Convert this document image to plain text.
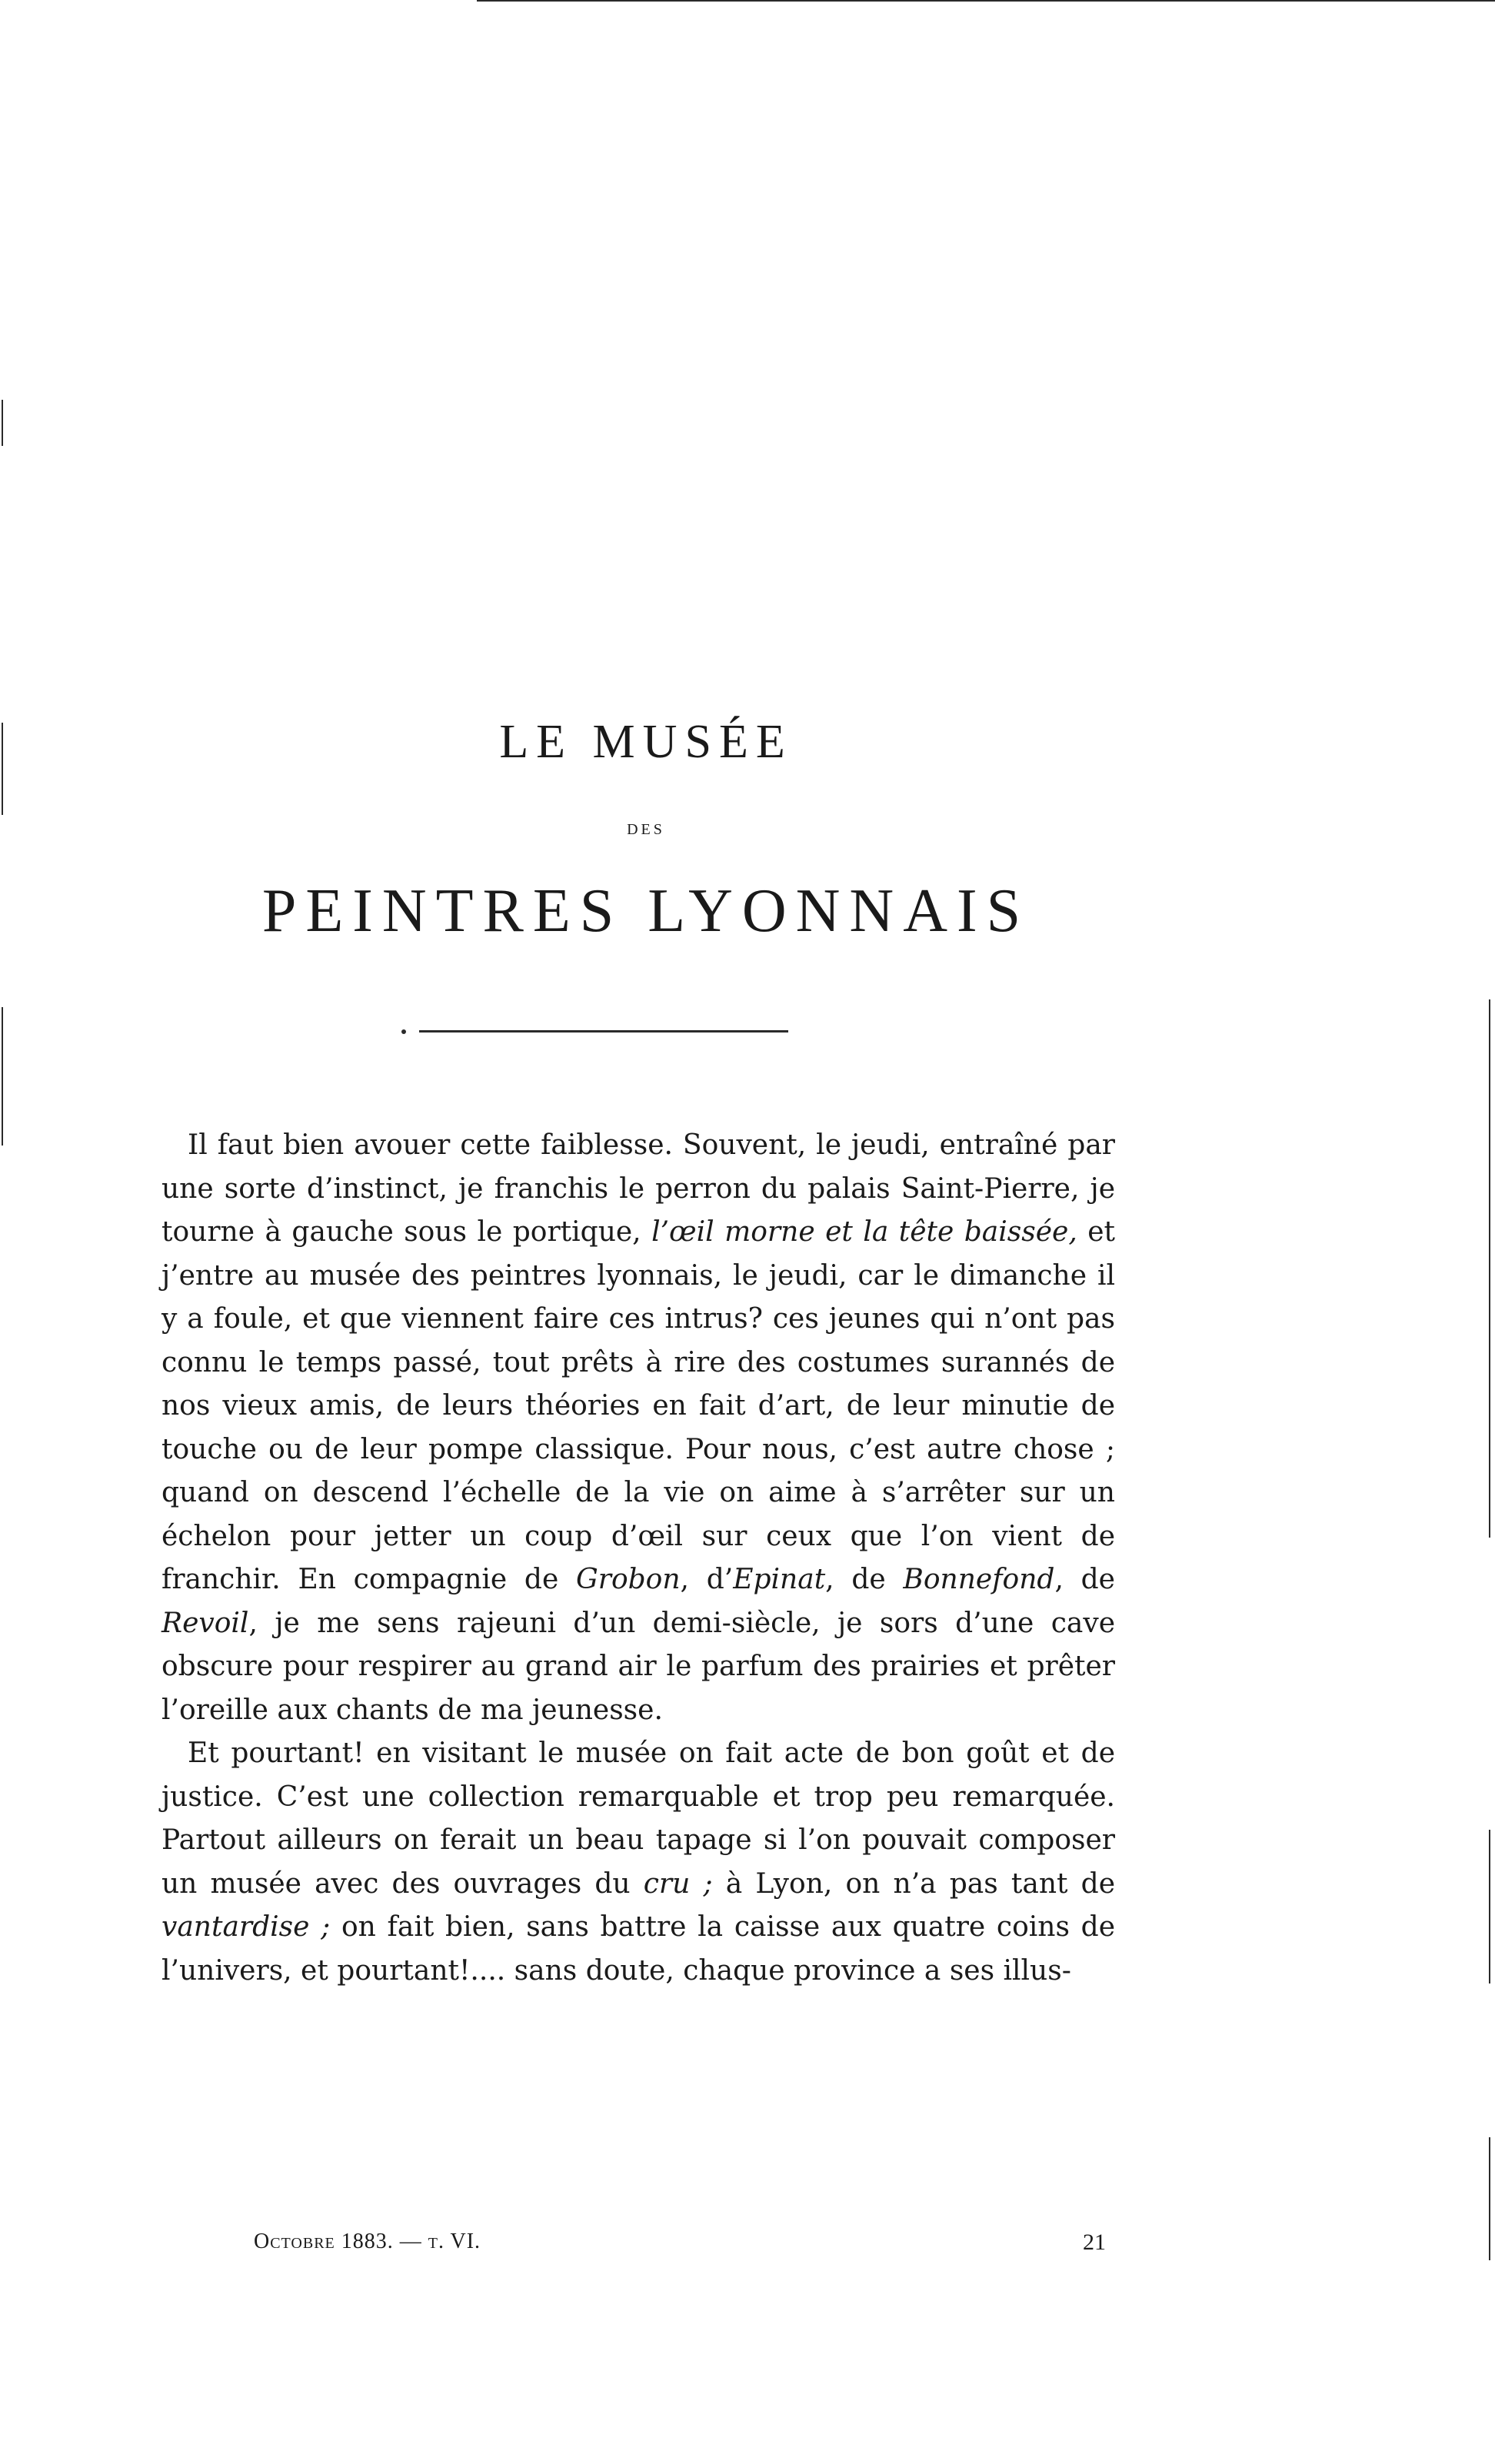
LE MUSÉE
DES
PEINTRES LYONNAIS

Il faut bien avouer cette faiblesse. Souvent, le jeudi, entraîné par une sorte d’instinct, je franchis le perron du palais Saint-Pierre, je tourne à gauche sous le portique, l’œil morne et la tête baissée, et j’entre au musée des peintres lyonnais, le jeudi, car le dimanche il y a foule, et que viennent faire ces intrus? ces jeunes qui n’ont pas connu le temps passé, tout prêts à rire des costumes surannés de nos vieux amis, de leurs théories en fait d’art, de leur minutie de touche ou de leur pompe classique. Pour nous, c’est autre chose ; quand on descend l’échelle de la vie on aime à s’arrêter sur un échelon pour jetter un coup d’œil sur ceux que l’on vient de franchir. En compagnie de Grobon, d’Epinat, de Bonnefond, de Revoil, je me sens rajeuni d’un demi-siècle, je sors d’une cave obscure pour respirer au grand air le parfum des prairies et prêter l’oreille aux chants de ma jeunesse.

Et pourtant! en visitant le musée on fait acte de bon goût et de justice. C’est une collection remarquable et trop peu remarquée. Partout ailleurs on ferait un beau tapage si l’on pouvait composer un musée avec des ouvrages du cru ; à Lyon, on n’a pas tant de vantardise ; on fait bien, sans battre la caisse aux quatre coins de l’univers, et pourtant!.... sans doute, chaque province a ses illus-

Octobre 1883. — t. VI.	21
